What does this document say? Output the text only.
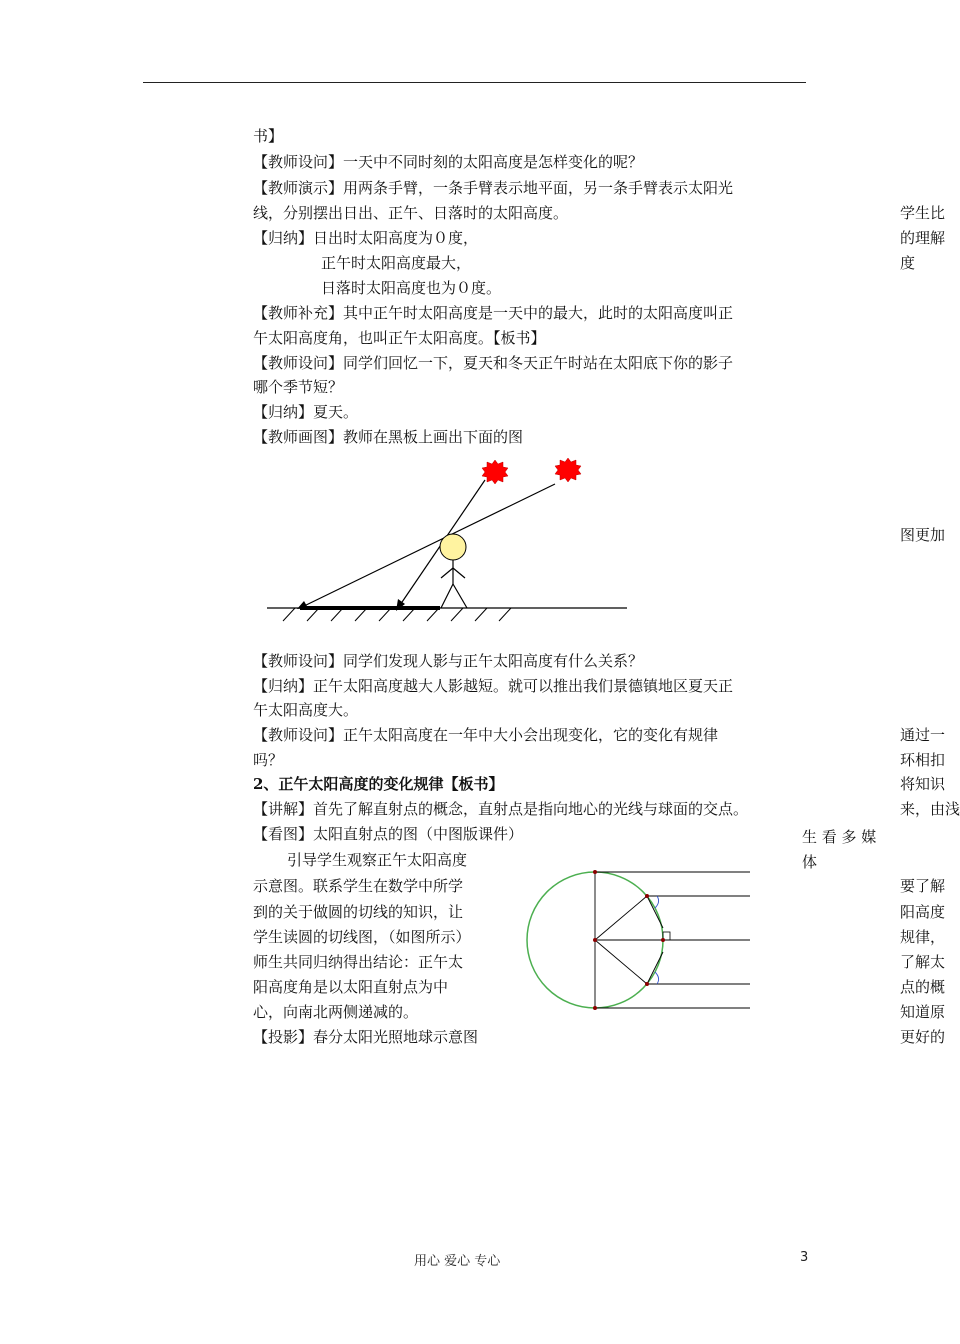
书】
【教师设问】一天中不同时刻的太阳高度是怎样变化的呢？
【教师演示】用两条手臂，一条手臂表示地平面，另一条手臂表示太阳光
线，分别摆出日出、正午、日落时的太阳高度。
【归纳】日出时太阳高度为０度，
正午时太阳高度最大，
日落时太阳高度也为０度。
【教师补充】其中正午时太阳高度是一天中的最大，此时的太阳高度叫正
午太阳高度角，也叫正午太阳高度。【板书】
【教师设问】同学们回忆一下，夏天和冬天正午时站在太阳底下你的影子
哪个季节短？
【归纳】夏天。
【教师画图】教师在黑板上画出下面的图
【教师设问】同学们发现人影与正午太阳高度有什么关系？
【归纳】正午太阳高度越大人影越短。就可以推出我们景德镇地区夏天正
午太阳高度大。
【教师设问】正午太阳高度在一年中大小会出现变化，它的变化有规律
吗？
2、正午太阳高度的变化规律【板书】
【讲解】首先了解直射点的概念，直射点是指向地心的光线与球面的交点。
【看图】太阳直射点的图（中图版课件）
引导学生观察正午太阳高度
示意图。联系学生在数学中所学
到的关于做圆的切线的知识，让
学生读圆的切线图，（如图所示）
师生共同归纳得出结论：正午太
阳高度角是以太阳直射点为中
心，向南北两侧递减的。
【投影】春分太阳光照地球示意图
生 看 多 媒
体
学生比
的理解
度
图更加
通过一
环相扣
将知识
来，由浅
要了解
阳高度
规律，
了解太
点的概
知道原
更好的
用心 爱心 专心	3
